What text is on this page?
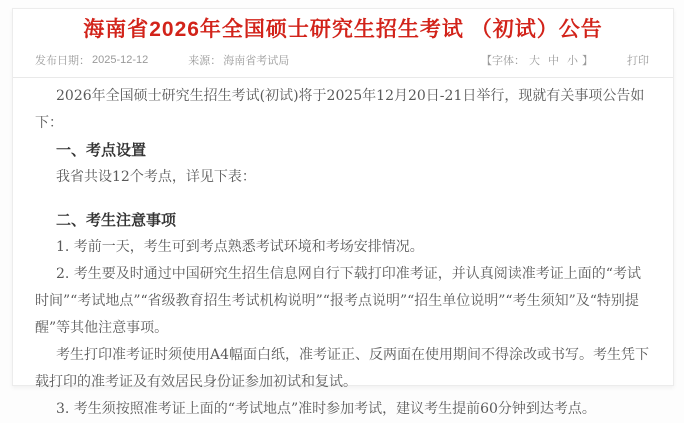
海南省2026年全国硕士研究生招生考试 （初试）公告
发布日期： 2025-12-12	来源： 海南省考试局	【字体： 大 中 小 】	打印

2026年全国硕士研究生招生考试(初试)将于2025年12月20日-21日举行，现就有关事项公告如下：

一、考点设置

我省共设12个考点，详见下表：

二、考生注意事项

1. 考前一天，考生可到考点熟悉考试环境和考场安排情况。

2. 考生要及时通过中国研究生招生信息网自行下载打印准考证，并认真阅读准考证上面的“考试时间”“考试地点”“省级教育招生考试机构说明”“报考点说明”“招生单位说明”“考生须知”及“特别提醒”等其他注意事项。

考生打印准考证时须使用A4幅面白纸，准考证正、反两面在使用期间不得涂改或书写。考生凭下载打印的准考证及有效居民身份证参加初试和复试。

3. 考生须按照准考证上面的“考试地点”准时参加考试，建议考生提前60分钟到达考点。
